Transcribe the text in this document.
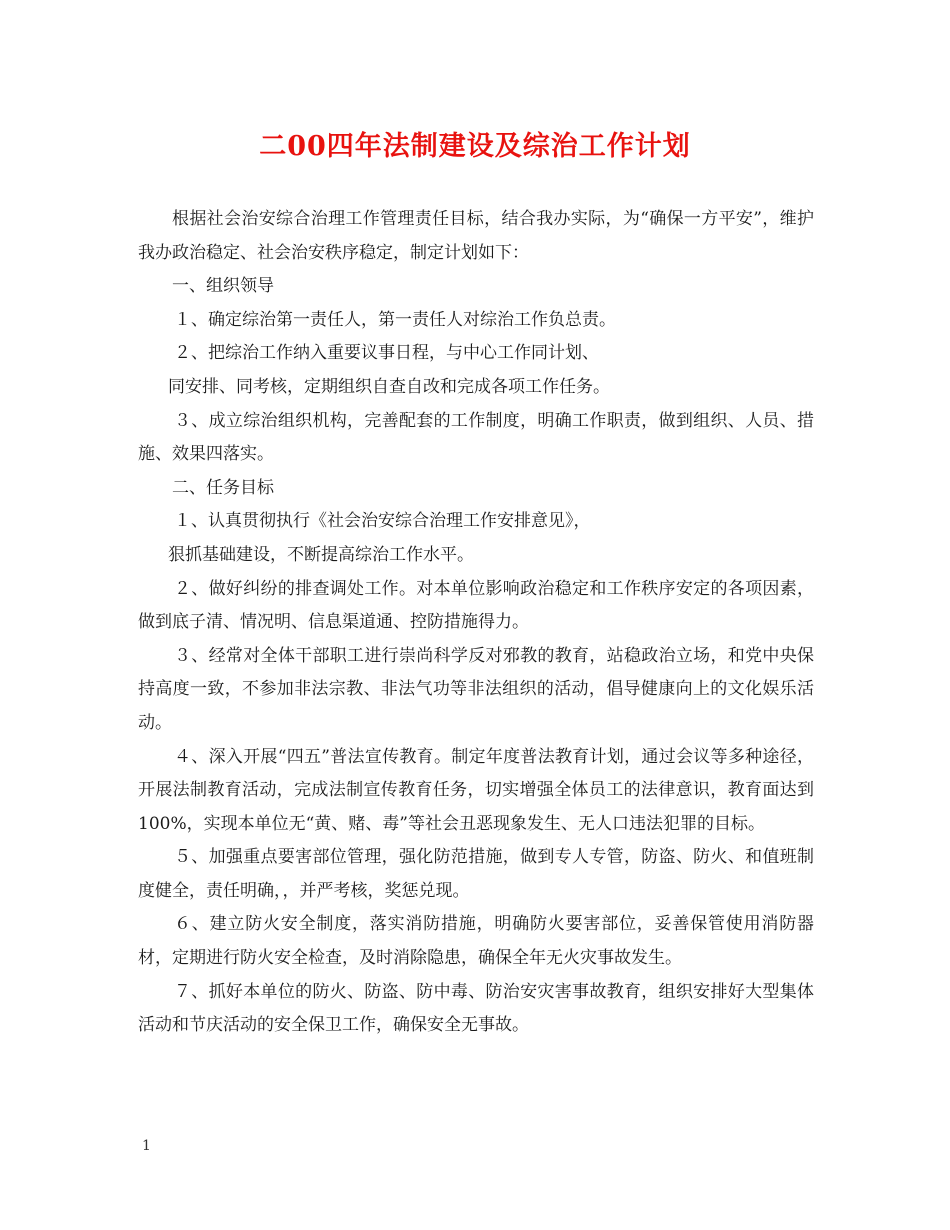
二00四年法制建设及综治工作计划

根据社会治安综合治理工作管理责任目标，结合我办实际，为“确保一方平安”，维护我办政治稳定、社会治安秩序稳定，制定计划如下：

一、组织领导

１、确定综治第一责任人，第一责任人对综治工作负总责。

２、把综治工作纳入重要议事日程，与中心工作同计划、

同安排、同考核，定期组织自查自改和完成各项工作任务。

３、成立综治组织机构，完善配套的工作制度，明确工作职责，做到组织、人员、措施、效果四落实。

二、任务目标

１、认真贯彻执行《社会治安综合治理工作安排意见》，

狠抓基础建设，不断提高综治工作水平。

２、做好纠纷的排查调处工作。对本单位影响政治稳定和工作秩序安定的各项因素，做到底子清、情况明、信息渠道通、控防措施得力。

３、经常对全体干部职工进行崇尚科学反对邪教的教育，站稳政治立场，和党中央保持高度一致，不参加非法宗教、非法气功等非法组织的活动，倡导健康向上的文化娱乐活动。

４、深入开展“四五”普法宣传教育。制定年度普法教育计划，通过会议等多种途径，开展法制教育活动，完成法制宣传教育任务，切实增强全体员工的法律意识，教育面达到100%，实现本单位无“黄、赌、毒”等社会丑恶现象发生、无人口违法犯罪的目标。

５、加强重点要害部位管理，强化防范措施，做到专人专管，防盗、防火、和值班制度健全，责任明确，，并严考核，奖惩兑现。

６、建立防火安全制度，落实消防措施，明确防火要害部位，妥善保管使用消防器材，定期进行防火安全检查，及时消除隐患，确保全年无火灾事故发生。

７、抓好本单位的防火、防盗、防中毒、防治安灾害事故教育，组织安排好大型集体活动和节庆活动的安全保卫工作，确保安全无事故。

1
